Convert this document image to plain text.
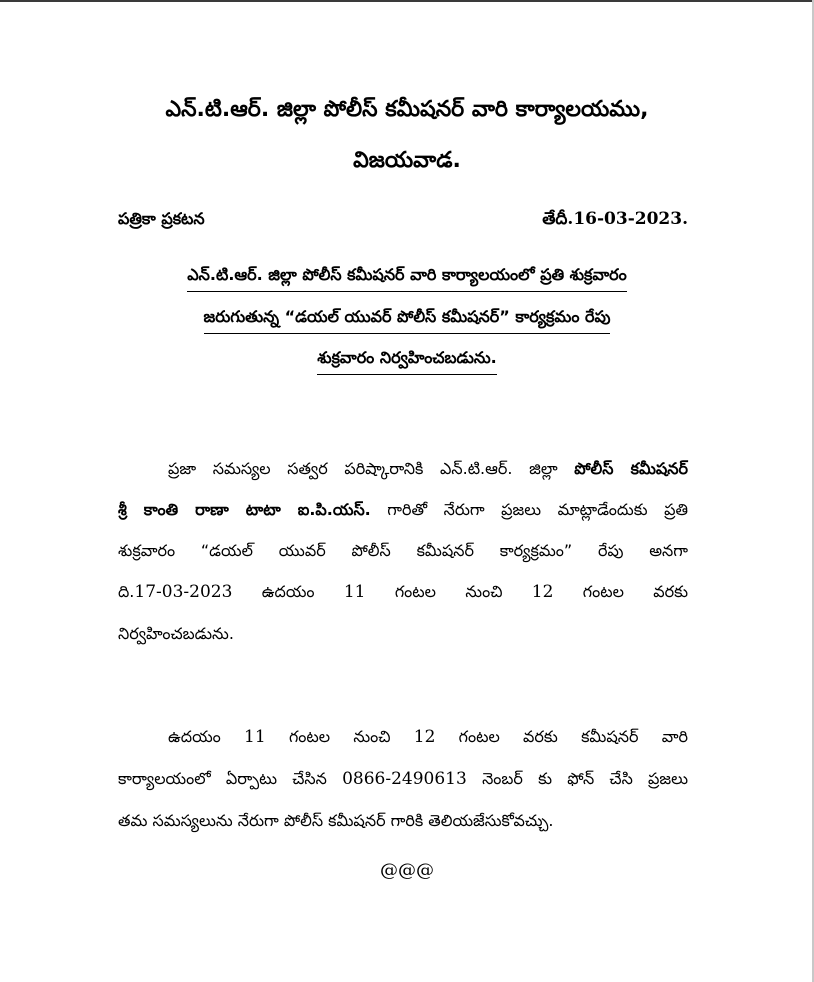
ఎన్.టి.ఆర్. జిల్లా పోలీస్ కమీషనర్ వారి కార్యాలయము,
విజయవాడ.
పత్రికా ప్రకటన	తేదీ.16-03-2023.
ఎన్.టి.ఆర్. జిల్లా పోలీస్ కమీషనర్ వారి కార్యాలయంలో ప్రతి శుక్రవారం
జరుగుతున్న “డయల్ యువర్ పోలీస్ కమీషనర్” కార్యక్రమం రేపు
శుక్రవారం నిర్వహించబడును.
ప్రజా సమస్యల సత్వర పరిష్కారానికి ఎన్.టి.ఆర్. జిల్లా పోలీస్ కమీషనర్
శ్రీ కాంతి రాణా టాటా ఐ.పి.యస్. గారితో నేరుగా ప్రజలు మాట్లాడేందుకు ప్రతి
శుక్రవారం “డయల్ యువర్ పోలీస్ కమీషనర్ కార్యక్రమం” రేపు అనగా
ది.17-03-2023 ఉదయం 11 గంటల నుంచి 12 గంటల వరకు
నిర్వహించబడును.
ఉదయం 11 గంటల నుంచి 12 గంటల వరకు కమీషనర్ వారి
కార్యాలయంలో ఏర్పాటు చేసిన 0866-2490613 నెంబర్ కు ఫోన్ చేసి ప్రజలు
తమ సమస్యలును నేరుగా పోలీస్ కమీషనర్ గారికి తెలియజేసుకోవచ్చు.
@@@
